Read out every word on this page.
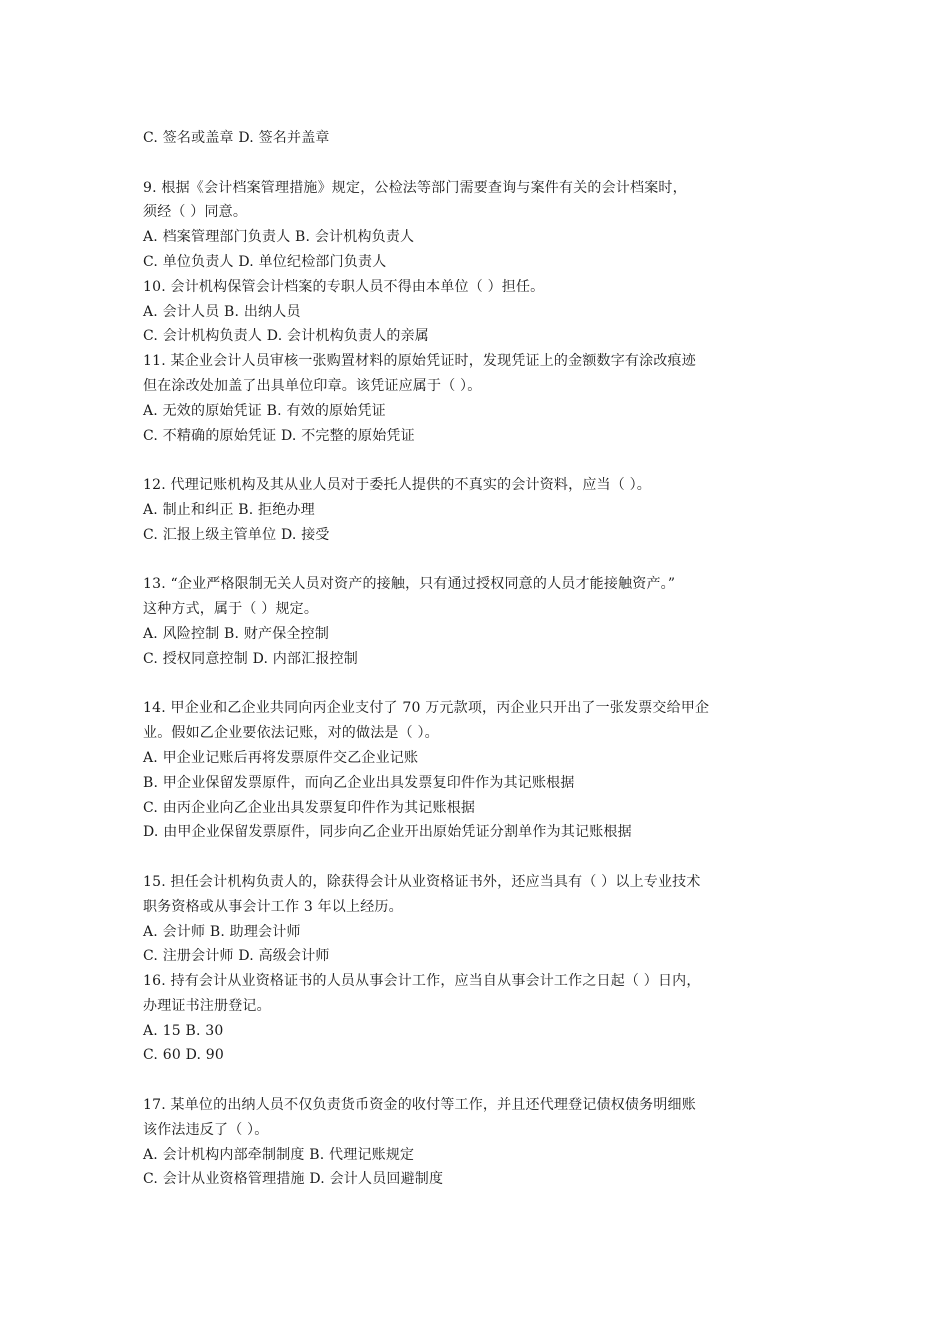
C. 签名或盖章 D. 签名并盖章
9. 根据《会计档案管理措施》规定，公检法等部门需要查询与案件有关的会计档案时，
须经（ ）同意。
A. 档案管理部门负责人 B. 会计机构负责人
C. 单位负责人 D. 单位纪检部门负责人
10. 会计机构保管会计档案的专职人员不得由本单位（ ）担任。
A. 会计人员 B. 出纳人员
C. 会计机构负责人 D. 会计机构负责人的亲属
11. 某企业会计人员审核一张购置材料的原始凭证时，发现凭证上的金额数字有涂改痕迹
但在涂改处加盖了出具单位印章。该凭证应属于（ ）。
A. 无效的原始凭证 B. 有效的原始凭证
C. 不精确的原始凭证 D. 不完整的原始凭证
12. 代理记账机构及其从业人员对于委托人提供的不真实的会计资料，应当（ ）。
A. 制止和纠正 B. 拒绝办理
C. 汇报上级主管单位 D. 接受
13. “企业严格限制无关人员对资产的接触，只有通过授权同意的人员才能接触资产。”
这种方式，属于（ ）规定。
A. 风险控制 B. 财产保全控制
C. 授权同意控制 D. 内部汇报控制
14. 甲企业和乙企业共同向丙企业支付了 70 万元款项，丙企业只开出了一张发票交给甲企
业。假如乙企业要依法记账，对的做法是（ ）。
A. 甲企业记账后再将发票原件交乙企业记账
B. 甲企业保留发票原件，而向乙企业出具发票复印件作为其记账根据
C. 由丙企业向乙企业出具发票复印件作为其记账根据
D. 由甲企业保留发票原件，同步向乙企业开出原始凭证分割单作为其记账根据
15. 担任会计机构负责人的，除获得会计从业资格证书外，还应当具有（ ）以上专业技术
职务资格或从事会计工作 3 年以上经历。
A. 会计师 B. 助理会计师
C. 注册会计师 D. 高级会计师
16. 持有会计从业资格证书的人员从事会计工作，应当自从事会计工作之日起（ ）日内，
办理证书注册登记。
A. 15 B. 30
C. 60 D. 90
17. 某单位的出纳人员不仅负责货币资金的收付等工作，并且还代理登记债权债务明细账
该作法违反了（ ）。
A. 会计机构内部牵制制度 B. 代理记账规定
C. 会计从业资格管理措施 D. 会计人员回避制度
